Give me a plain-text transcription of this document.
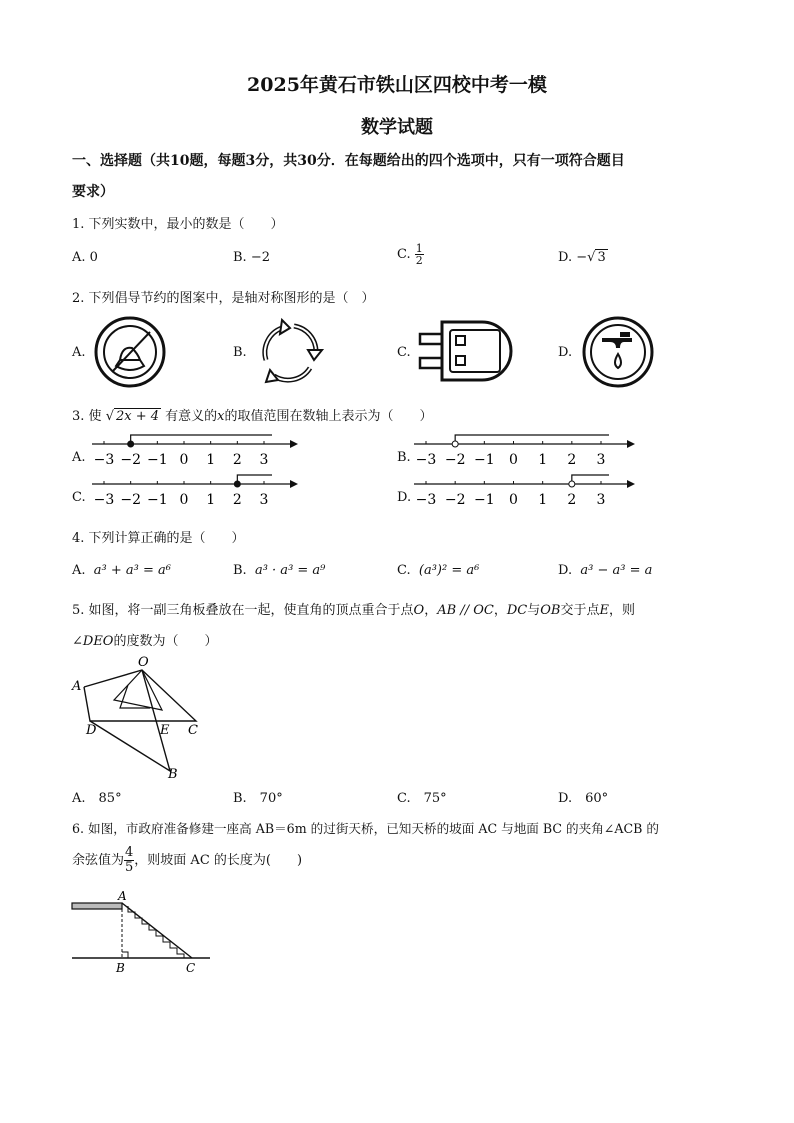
2025年黄石市铁山区四校中考一模
数学试题
一、选择题（共10题，每题3分，共30分．在每题给出的四个选项中，只有一项符合题目
要求）
1. 下列实数中，最小的数是（　　）
A. 0	B. −2	C. $\frac{1}{2}$	D. −√ 3
2. 下列倡导节约的图案中，是轴对称图形的是（　）
A.	B.	C.	D.
3. 使 √ 2x + 4 有意义的x的取值范围在数轴上表示为（　　）
A.	B.
C.	D.
−3 −2 −1 0 1 2 3	−3 −2 −1 0 1 2 3
−3 −2 −1 0 1 2 3	−3 −2 −1 0 1 2 3
4. 下列计算正确的是（　　）
A. a³ + a³ = a⁶	B. a³ · a³ = a⁹	C. (a³)² = a⁶	D. a³ − a³ = a
5. 如图，将一副三角板叠放在一起，使直角的顶点重合于点O，AB // OC，DC与OB交于点E，则
∠DEO的度数为（　　）
O
A
D	E C
B
A.　85°	B.　70°	C.　75°	D.　60°
6. 如图，市政府准备修建一座高 AB＝6m 的过街天桥，已知天桥的坡面 AC 与地面 BC 的夹角∠ACB 的
余弦值为 $\frac{4}{5}$ ，则坡面 AC 的长度为(　　)
A
B	C
